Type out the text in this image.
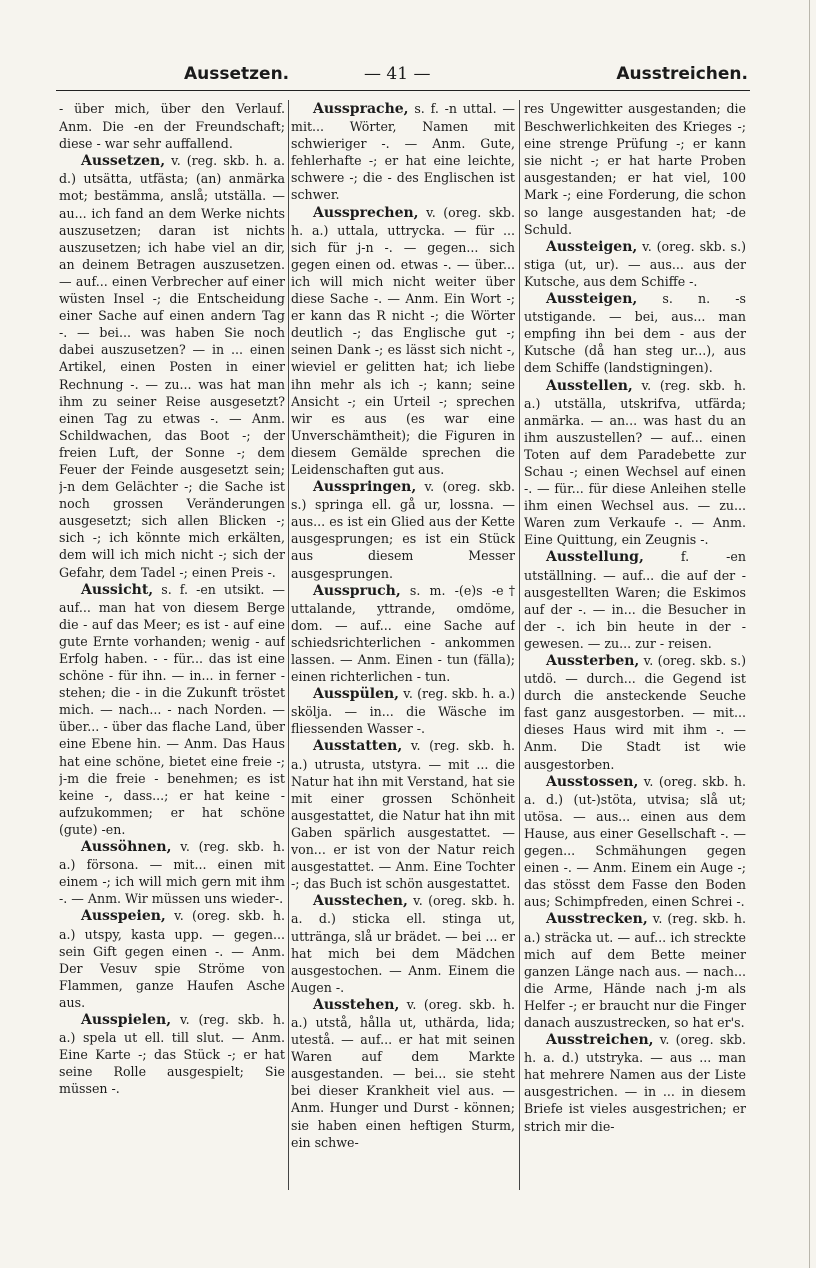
Aussetzen.	— 41 —	Ausstreichen.

- über mich, über den Verlauf. Anm. Die -en der Freundschaft; diese - war sehr auffallend.

Aussetzen, v. (reg. skb. h. a. d.) utsätta, utfästa; (an) anmärka mot; bestämma, anslå; utställa. — au... ich fand an dem Werke nichts auszusetzen; daran ist nichts auszusetzen; ich habe viel an dir, an deinem Betragen auszusetzen. — auf... einen Verbrecher auf einer wüsten Insel -; die Entscheidung einer Sache auf einen andern Tag -. — bei... was haben Sie noch dabei auszusetzen? — in ... einen Artikel, einen Posten in einer Rechnung -. — zu... was hat man ihm zu seiner Reise ausgesetzt? einen Tag zu etwas -. — Anm. Schildwachen, das Boot -; der freien Luft, der Sonne -; dem Feuer der Feinde ausgesetzt sein; j-n dem Gelächter -; die Sache ist noch grossen Veränderungen ausgesetzt; sich allen Blicken -; sich -; ich könnte mich erkälten, dem will ich mich nicht -; sich der Gefahr, dem Tadel -; einen Preis -.

Aussicht, s. f. -en utsikt. — auf... man hat von diesem Berge die - auf das Meer; es ist - auf eine gute Ernte vorhanden; wenig - auf Erfolg haben. - - für... das ist eine schöne - für ihn. — in... in ferner - stehen; die - in die Zukunft tröstet mich. — nach... - nach Norden. — über... - über das flache Land, über eine Ebene hin. — Anm. Das Haus hat eine schöne, bietet eine freie -; j-m die freie - benehmen; es ist keine -, dass...; er hat keine - aufzukommen; er hat schöne (gute) -en.

Aussöhnen, v. (reg. skb. h. a.) försona. — mit... einen mit einem -; ich will mich gern mit ihm -. — Anm. Wir müssen uns wieder-.

Ausspeien, v. (oreg. skb. h. a.) utspy, kasta upp. — gegen... sein Gift gegen einen -. — Anm. Der Vesuv spie Ströme von Flammen, ganze Haufen Asche aus.

Ausspielen, v. (reg. skb. h. a.) spela ut ell. till slut. — Anm. Eine Karte -; das Stück -; er hat seine Rolle ausgespielt; Sie müssen -.

Aussprache, s. f. -n uttal. — mit... Wörter, Namen mit schwieriger -. — Anm. Gute, fehlerhafte -; er hat eine leichte, schwere -; die - des Englischen ist schwer.

Aussprechen, v. (oreg. skb. h. a.) uttala, uttrycka. — für ... sich für j-n -. — gegen... sich gegen einen od. etwas -. — über... ich will mich nicht weiter über diese Sache -. — Anm. Ein Wort -; er kann das R nicht -; die Wörter deutlich -; das Englische gut -; seinen Dank -; es lässt sich nicht -, wieviel er gelitten hat; ich liebe ihn mehr als ich -; kann; seine Ansicht -; ein Urteil -; sprechen wir es aus (es war eine Unverschämtheit); die Figuren in diesem Gemälde sprechen die Leidenschaften gut aus.

Ausspringen, v. (oreg. skb. s.) springa ell. gå ur, lossna. — aus... es ist ein Glied aus der Kette ausgesprungen; es ist ein Stück aus diesem Messer ausgesprungen.

Ausspruch, s. m. -(e)s -e† uttalande, yttrande, omdöme, dom. — auf... eine Sache auf schiedsrichterlichen - ankommen lassen. — Anm. Einen - tun (fälla); einen richterlichen - tun.

Ausspülen, v. (reg. skb. h. a.) skölja. — in... die Wäsche im fliessenden Wasser -.

Ausstatten, v. (reg. skb. h. a.) utrusta, utstyra. — mit ... die Natur hat ihn mit Verstand, hat sie mit einer grossen Schönheit ausgestattet, die Natur hat ihn mit Gaben spärlich ausgestattet. — von... er ist von der Natur reich ausgestattet. — Anm. Eine Tochter -; das Buch ist schön ausgestattet.

Ausstechen, v. (oreg. skb. h. a. d.) sticka ell. stinga ut, uttränga, slå ur brädet. — bei ... er hat mich bei dem Mädchen ausgestochen. — Anm. Einem die Augen -.

Ausstehen, v. (oreg. skb. h. a.) utstå, hålla ut, uthärda, lida; utestå. — auf... er hat mit seinen Waren auf dem Markte ausgestanden. — bei... sie steht bei dieser Krankheit viel aus. — Anm. Hunger und Durst - können; sie haben einen heftigen Sturm, ein schwe-

res Ungewitter ausgestanden; die Beschwerlichkeiten des Krieges -; eine strenge Prüfung -; er kann sie nicht -; er hat harte Proben ausgestanden; er hat viel, 100 Mark -; eine Forderung, die schon so lange ausgestanden hat; -de Schuld.

Aussteigen, v. (oreg. skb. s.) stiga (ut, ur). — aus... aus der Kutsche, aus dem Schiffe -.

Aussteigen, s. n. -s utstigande. — bei, aus... man empfing ihn bei dem - aus der Kutsche (då han steg ur...), aus dem Schiffe (landstigningen).

Ausstellen, v. (reg. skb. h. a.) utställa, utskrifva, utfärda; anmärka. — an... was hast du an ihm auszustellen? — auf... einen Toten auf dem Paradebette zur Schau -; einen Wechsel auf einen -. — für... für diese Anleihen stelle ihm einen Wechsel aus. — zu... Waren zum Verkaufe -. — Anm. Eine Quittung, ein Zeugnis -.

Ausstellung, f. -en utställning. — auf... die auf der - ausgestellten Waren; die Eskimos auf der -. — in... die Besucher in der -. ich bin heute in der - gewesen. — zu... zur - reisen.

Aussterben, v. (oreg. skb. s.) utdö. — durch... die Gegend ist durch die ansteckende Seuche fast ganz ausgestorben. — mit... dieses Haus wird mit ihm -. — Anm. Die Stadt ist wie ausgestorben.

Ausstossen, v. (oreg. skb. h. a. d.) (ut-)stöta, utvisa; slå ut; utösa. — aus... einen aus dem Hause, aus einer Gesellschaft -. — gegen... Schmähungen gegen einen -. — Anm. Einem ein Auge -; das stösst dem Fasse den Boden aus; Schimpfreden, einen Schrei -.

Ausstrecken, v. (reg. skb. h. a.) sträcka ut. — auf... ich streckte mich auf dem Bette meiner ganzen Länge nach aus. — nach... die Arme, Hände nach j-m als Helfer -; er braucht nur die Finger danach auszustrecken, so hat er's.

Ausstreichen, v. (oreg. skb. h. a. d.) utstryka. — aus ... man hat mehrere Namen aus der Liste ausgestrichen. — in ... in diesem Briefe ist vieles ausgestrichen; er strich mir die-
